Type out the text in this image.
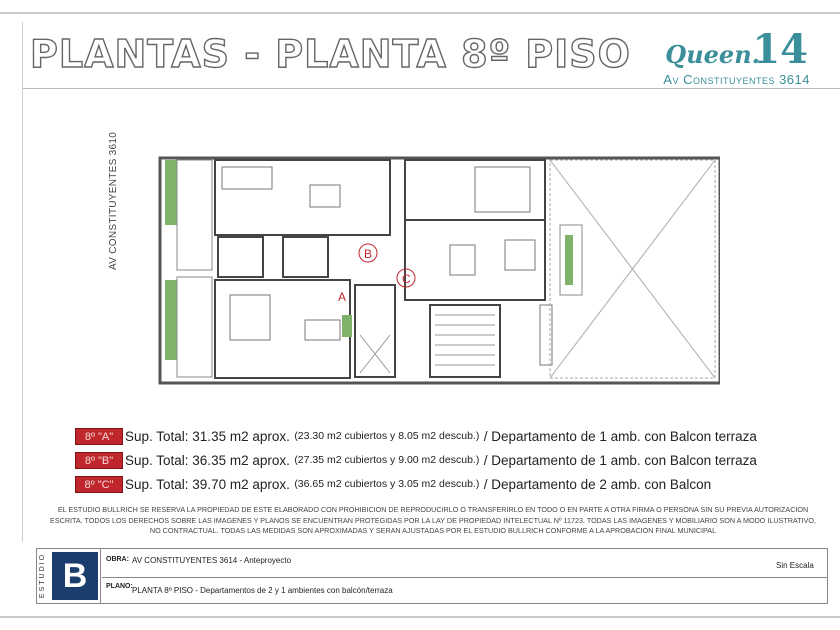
PLANTAS - PLANTA 8º PISO Queen.
14
Av Constituyentes 3614
AV CONSTITUYENTES 3610
A
B
C
8º "A" Sup. Total: 31.35 m2 aprox.
(23.30 m2 cubiertos y 8.05 m2 descub.)
/ Departamento de 1 amb. con Balcon terraza
8º "B" Sup. Total: 36.35 m2 aprox.
(27.35 m2 cubiertos y 9.00 m2 descub.)
/ Departamento de 1 amb. con Balcon terraza
8º "C" Sup. Total: 39.70 m2 aprox.
(36.65 m2 cubiertos y 3.05 m2 descub.)
/ Departamento de 2 amb. con Balcon
EL ESTUDIO BULLRICH SE RESERVA LA PROPIEDAD DE ESTE ELABORADO CON PROHIBICION DE REPRODUCIRLO O TRANSFERIRLO EN TODO O EN PARTE A OTRA FIRMA O PERSONA SIN SU PREVIA AUTORIZACION ESCRITA. TODOS LOS DERECHOS SOBRE LAS IMAGENES Y PLANOS SE ENCUENTRAN PROTEGIDAS POR LA LAY DE PROPIEDAD INTELECTUAL Nº 11723. TODAS LAS IMAGENES Y MOBILIARIO SON A MODO ILUSTRATIVO, NO CONTRACTUAL. TODAS LAS MEDIDAS SON APROXIMADAS Y SERAN AJUSTADAS POR EL ESTUDIO BULLRICH CONFORME A LA APROBACION FINAL MUNICIPAL
ESTUDIO B	OBRA: AV CONSTITUYENTES 3614 - Anteproyecto
Sin Escala
PLANO: PLANTA 8º PISO - Departamentos de 2 y 1 ambientes con balcón/terraza
